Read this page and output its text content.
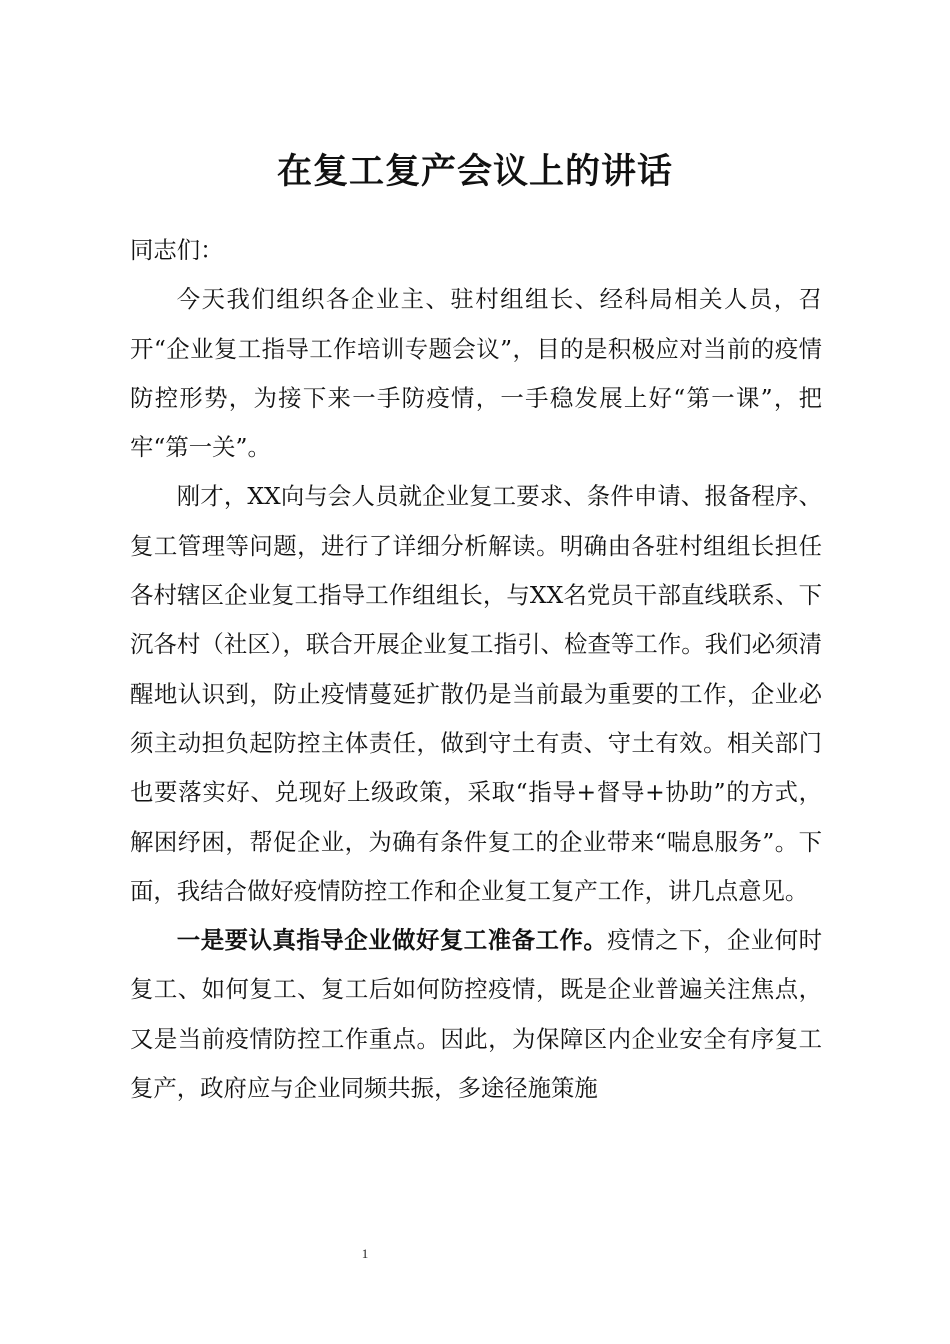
在复工复产会议上的讲话

同志们：

今天我们组织各企业主、驻村组组长、经科局相关人员，召开“企业复工指导工作培训专题会议”，目的是积极应对当前的疫情防控形势，为接下来一手防疫情，一手稳发展上好“第一课”，把牢“第一关”。

刚才，XX向与会人员就企业复工要求、条件申请、报备程序、复工管理等问题，进行了详细分析解读。明确由各驻村组组长担任各村辖区企业复工指导工作组组长，与XX名党员干部直线联系、下沉各村（社区），联合开展企业复工指引、检查等工作。我们必须清醒地认识到，防止疫情蔓延扩散仍是当前最为重要的工作，企业必须主动担负起防控主体责任，做到守土有责、守土有效。相关部门也要落实好、兑现好上级政策，采取“指导+督导+协助”的方式，解困纾困，帮促企业，为确有条件复工的企业带来“喘息服务”。下面，我结合做好疫情防控工作和企业复工复产工作，讲几点意见。

一是要认真指导企业做好复工准备工作。疫情之下，企业何时复工、如何复工、复工后如何防控疫情，既是企业普遍关注焦点，又是当前疫情防控工作重点。因此，为保障区内企业安全有序复工复产，政府应与企业同频共振，多途径施策施

1
